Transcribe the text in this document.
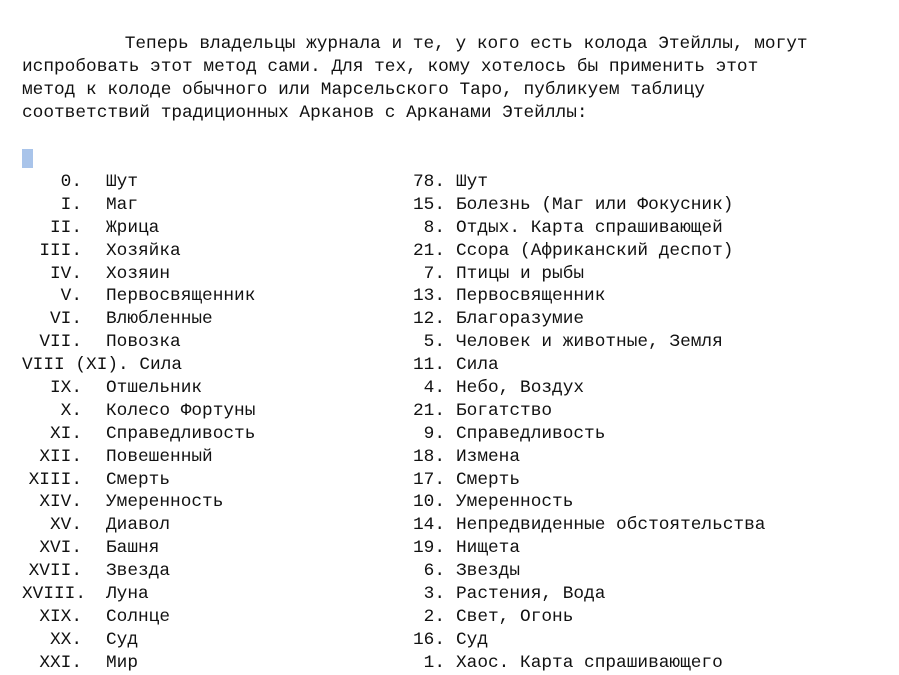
Теперь владельцы журнала и те, у кого есть колода Этейллы, могут
испробовать этот метод сами. Для тех, кому хотелось бы применить этот
метод к колоде обычного или Марсельского Таро, публикуем таблицу
соответствий традиционных Арканов с Арканами Этейллы:

0. Шут	78. Шут
I. Маг	15. Болезнь (Маг или Фокусник)
II. Жрица	8. Отдых. Карта спрашивающей
III. Хозяйка	21. Ссора (Африканский деспот)
IV. Хозяин	7. Птицы и рыбы
V. Первосвященник	13. Первосвященник
VI. Влюбленные	12. Благоразумие
VII. Повозка	5. Человек и животные, Земля
VIII (XI). Сила	11. Сила
IX. Отшельник	4. Небо, Воздух
X. Колесо Фортуны	21. Богатство
XI. Справедливость	9. Справедливость
XII. Повешенный	18. Измена
XIII. Смерть	17. Смерть
XIV. Умеренность	10. Умеренность
XV. Диавол	14. Непредвиденные обстоятельства
XVI. Башня	19. Нищета
XVII. Звезда	6. Звезды
XVIII. Луна	3. Растения, Вода
XIX. Солнце	2. Свет, Огонь
XX. Суд	16. Суд
XXI. Мир	1. Хаос. Карта спрашивающего
